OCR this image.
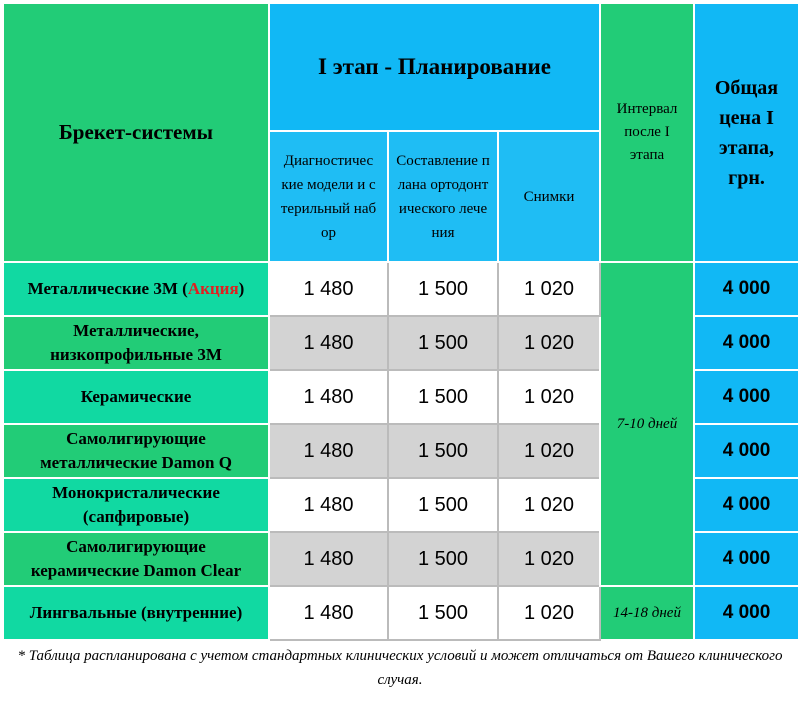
Брекет-системы	I этап - Планирование			Интервал после I этапа	Общая цена I этапа, грн.

	Диагностические модели и стерильный набор	Составление плана ортодонтического лечения	Снимки		
Металлические 3М (Акция)	1 480	1 500	1 020	7-10 дней	4 000
Металлические, низкопрофильные 3М	1 480	1 500	1 020		4 000
Керамические	1 480	1 500	1 020		4 000

Самолигирующие металлические Damon Q	1 480	1 500	1 020		4 000

Монокристалические (сапфировые)	1 480	1 500	1 020		4 000

Самолигирующие керамические Damon Clear	1 480	1 500	1 020		4 000
Лингвальные (внутренние)	1 480	1 500	1 020	14-18 дней	4 000
* Таблица распланирована с учетом стандартных клинических условий и может отличаться от Вашего клинического случая.
